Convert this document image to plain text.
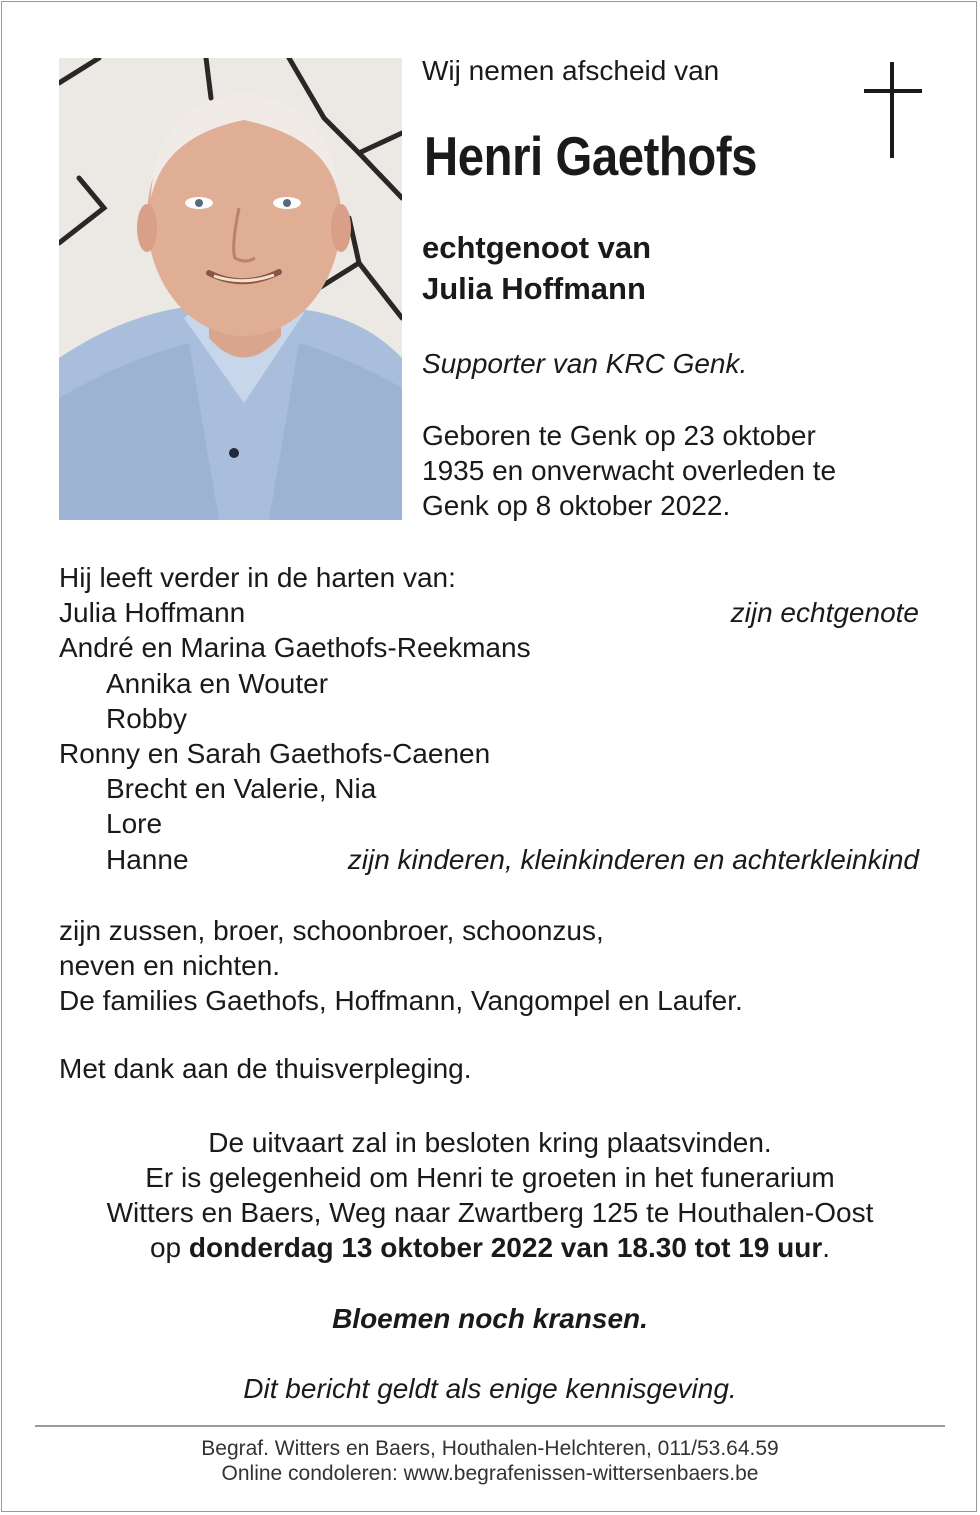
Wij nemen afscheid van
Henri Gaethofs
echtgenoot van
Julia Hoffmann
Supporter van KRC Genk.
Geboren te Genk op 23 oktober
1935 en onverwacht overleden te
Genk op 8 oktober 2022.
Hij leeft verder in de harten van:
Julia Hoffmann	zijn echtgenote
André en Marina Gaethofs-Reekmans
Annika en Wouter
Robby
Ronny en Sarah Gaethofs-Caenen
Brecht en Valerie, Nia
Lore
Hanne	zijn kinderen, kleinkinderen en achterkleinkind
zijn zussen, broer, schoonbroer, schoonzus,
neven en nichten.
De families Gaethofs, Hoffmann, Vangompel en Laufer.
Met dank aan de thuisverpleging.
De uitvaart zal in besloten kring plaatsvinden.
Er is gelegenheid om Henri te groeten in het funerarium
Witters en Baers, Weg naar Zwartberg 125 te Houthalen-Oost
op donderdag 13 oktober 2022 van 18.30 tot 19 uur.
Bloemen noch kransen.
Dit bericht geldt als enige kennisgeving.
Begraf. Witters en Baers, Houthalen-Helchteren, 011/53.64.59
Online condoleren: www.begrafenissen-wittersenbaers.be
